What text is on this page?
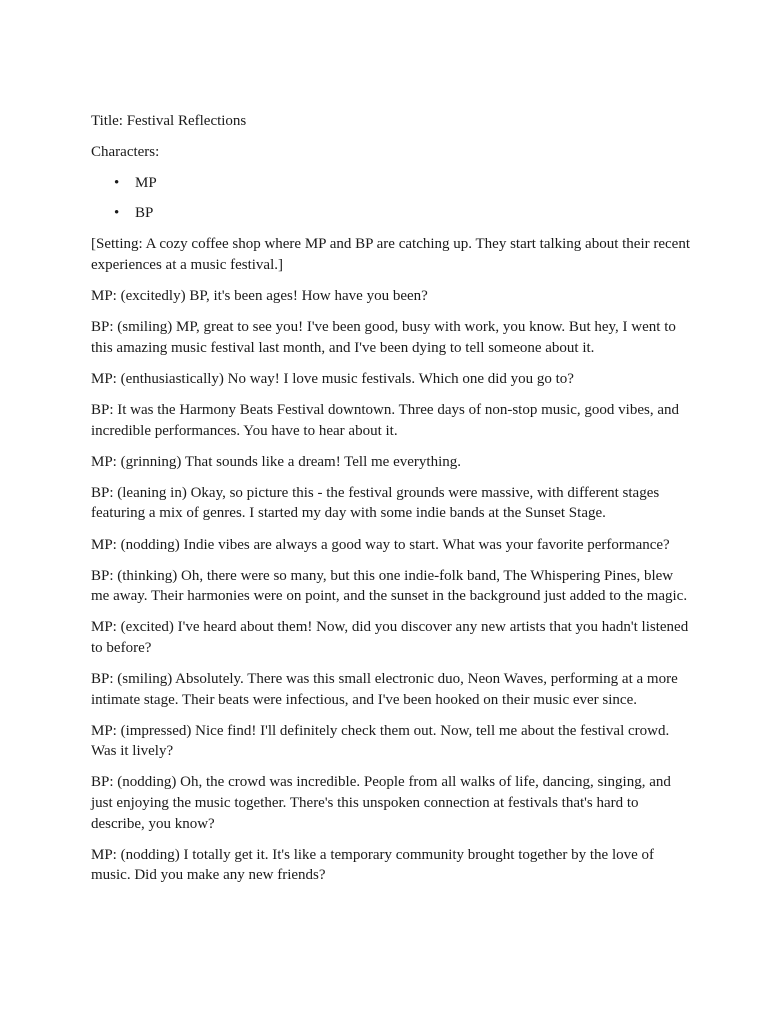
Title: Festival Reflections

Characters:

• MP
• BP

[Setting: A cozy coffee shop where MP and BP are catching up. They start talking about their recent experiences at a music festival.]

MP: (excitedly) BP, it's been ages! How have you been?

BP: (smiling) MP, great to see you! I've been good, busy with work, you know. But hey, I went to this amazing music festival last month, and I've been dying to tell someone about it.

MP: (enthusiastically) No way! I love music festivals. Which one did you go to?

BP: It was the Harmony Beats Festival downtown. Three days of non-stop music, good vibes, and incredible performances. You have to hear about it.

MP: (grinning) That sounds like a dream! Tell me everything.

BP: (leaning in) Okay, so picture this - the festival grounds were massive, with different stages featuring a mix of genres. I started my day with some indie bands at the Sunset Stage.

MP: (nodding) Indie vibes are always a good way to start. What was your favorite performance?

BP: (thinking) Oh, there were so many, but this one indie-folk band, The Whispering Pines, blew me away. Their harmonies were on point, and the sunset in the background just added to the magic.

MP: (excited) I've heard about them! Now, did you discover any new artists that you hadn't listened to before?

BP: (smiling) Absolutely. There was this small electronic duo, Neon Waves, performing at a more intimate stage. Their beats were infectious, and I've been hooked on their music ever since.

MP: (impressed) Nice find! I'll definitely check them out. Now, tell me about the festival crowd. Was it lively?

BP: (nodding) Oh, the crowd was incredible. People from all walks of life, dancing, singing, and just enjoying the music together. There's this unspoken connection at festivals that's hard to describe, you know?

MP: (nodding) I totally get it. It's like a temporary community brought together by the love of music. Did you make any new friends?
